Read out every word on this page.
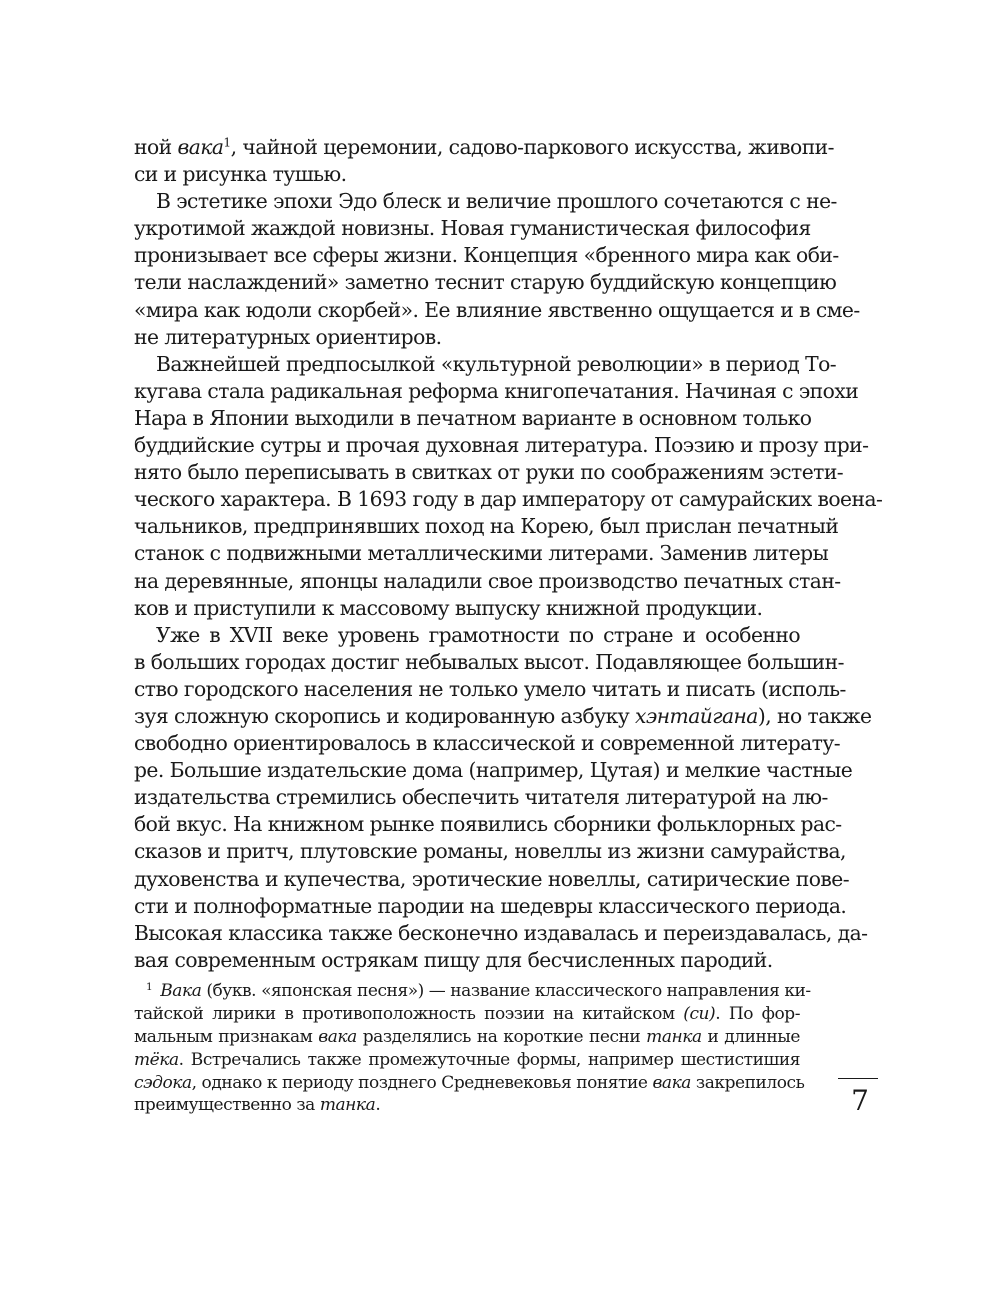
ной вака$^1$, чайной церемонии, садово-паркового искусства, живопи-
си и рисунка тушью.
В эстетике эпохи Эдо блеск и величие прошлого сочетаются с не-
укротимой жаждой новизны. Новая гуманистическая философия
пронизывает все сферы жизни. Концепция «бренного мира как оби-
тели наслаждений» заметно теснит старую буддийскую концепцию
«мира как юдоли скорбей». Ее влияние явственно ощущается и в сме-
не литературных ориентиров.
Важнейшей предпосылкой «культурной революции» в период То-
кугава стала радикальная реформа книгопечатания. Начиная с эпохи
Нара в Японии выходили в печатном варианте в основном только
буддийские сутры и прочая духовная литература. Поэзию и прозу при-
нято было переписывать в свитках от руки по соображениям эстети-
ческого характера. В 1693 году в дар императору от самурайских воена-
чальников, предпринявших поход на Корею, был прислан печатный
станок с подвижными металлическими литерами. Заменив литеры
на деревянные, японцы наладили свое производство печатных стан-
ков и приступили к массовому выпуску книжной продукции.
Уже в XVII веке уровень грамотности по стране и особенно
в больших городах достиг небывалых высот. Подавляющее большин-
ство городского населения не только умело читать и писать (исполь-
зуя сложную скоропись и кодированную азбуку хэнтайгана), но также
свободно ориентировалось в классической и современной литерату-
ре. Большие издательские дома (например, Цутая) и мелкие частные
издательства стремились обеспечить читателя литературой на лю-
бой вкус. На книжном рынке появились сборники фольклорных рас-
сказов и притч, плутовские романы, новеллы из жизни самурайства,
духовенства и купечества, эротические новеллы, сатирические пове-
сти и полноформатные пародии на шедевры классического периода.
Высокая классика также бесконечно издавалась и переиздавалась, да-
вая современным острякам пищу для бесчисленных пародий.
$^1$ Вака (букв. «японская песня») — название классического направления ки-
тайской лирики в противоположность поэзии на китайском (си). По фор-
мальным признакам вака разделялись на короткие песни танка и длинные
тёка. Встречались также промежуточные формы, например шестистишия
сэдока, однако к периоду позднего Средневековья понятие вака закрепилось
преимущественно за танка.	7
